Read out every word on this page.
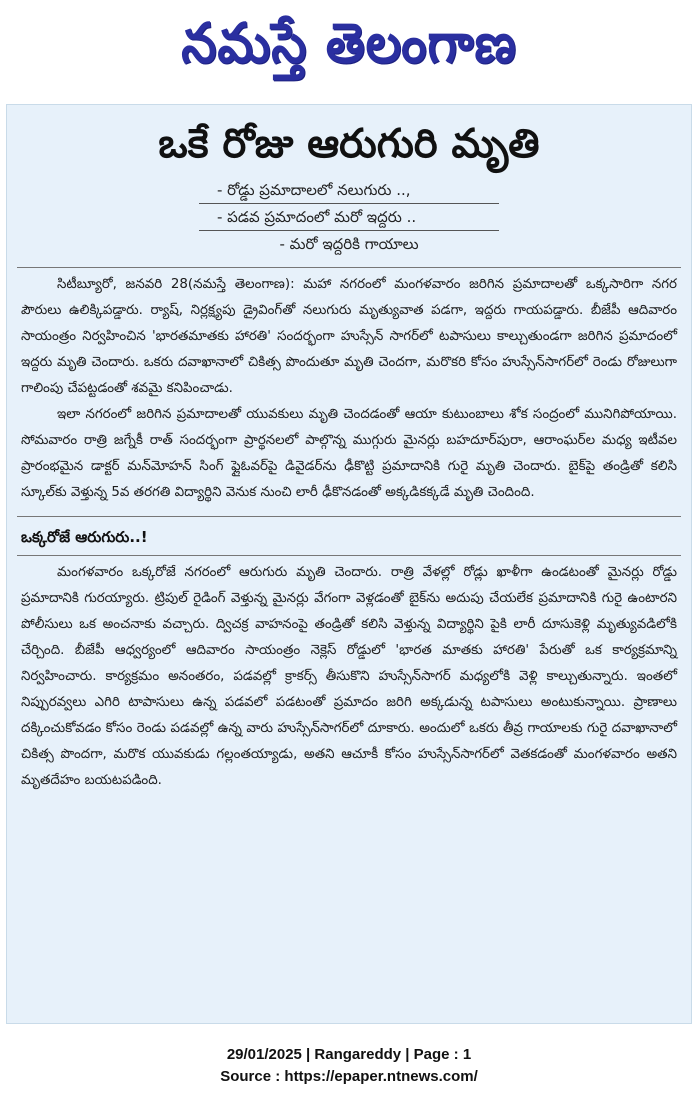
నమస్తే తెలంగాణ
ఒకే రోజు ఆరుగురి మృతి
- రోడ్డు ప్రమాదాలలో నలుగురు ..,
- పడవ ప్రమాదంలో మరో ఇద్దరు ..
- మరో ఇద్దరికి గాయాలు

సిటీబ్యూరో, జనవరి 28(నమస్తే తెలంగాణ): మహా నగరంలో మంగళవారం జరిగిన ప్రమాదాలతో ఒక్కసారిగా నగర పౌరులు ఉలిక్కిపడ్డారు. ర్యాష్, నిర్లక్ష్యపు డ్రైవింగ్‌తో నలుగురు మృత్యువాత పడగా, ఇద్దరు గాయపడ్డారు. బీజేపీ ఆదివారం సాయంత్రం నిర్వహించిన 'భారతమాతకు హారతి' సందర్భంగా హుస్సేన్ సాగర్‌లో టపాసులు కాల్చుతుండగా జరిగిన ప్రమాదంలో ఇద్దరు మృతి చెందారు. ఒకరు దవాఖానాలో చికిత్స పొందుతూ మృతి చెందగా, మరొకరి కోసం హుస్సేన్‌సాగర్‌లో రెండు రోజులుగా గాలింపు చేపట్టడంతో శవమై కనిపించాడు.

ఇలా నగరంలో జరిగిన ప్రమాదాలతో యువకులు మృతి చెందడంతో ఆయా కుటుంబాలు శోక సంద్రంలో మునిగిపోయాయి. సోమవారం రాత్రి జగ్నేకీ రాత్ సందర్భంగా ప్రార్థనలలో పాల్గొన్న ముగ్గురు మైనర్లు బహదూర్‌పురా, ఆరాంఘర్‌ల మధ్య ఇటీవల ప్రారంభమైన డాక్టర్ మన్‌మోహన్ సింగ్ ఫ్లైఓవర్‌పై డివైడర్‌ను ఢీకొట్టి ప్రమాదానికి గురై మృతి చెందారు. బైక్‌పై తండ్రితో కలిసి స్కూల్‌కు వెళ్తున్న 5వ తరగతి విద్యార్థిని వెనుక నుంచి లారీ ఢీకొనడంతో అక్కడికక్కడే మృతి చెందింది.

ఒక్కరోజే ఆరుగురు..!

మంగళవారం ఒక్కరోజే నగరంలో ఆరుగురు మృతి చెందారు. రాత్రి వేళల్లో రోడ్లు ఖాళీగా ఉండటంతో మైనర్లు రోడ్డు ప్రమాదానికి గురయ్యారు. ట్రిపుల్ రైడింగ్ వెళ్తున్న మైనర్లు వేగంగా వెళ్లడంతో బైక్‌ను అదుపు చేయలేక ప్రమాదానికి గురై ఉంటారని పోలీసులు ఒక అంచనాకు వచ్చారు. ద్విచక్ర వాహనంపై తండ్రితో కలిసి వెళ్తున్న విద్యార్థిని పైకి లారీ దూసుకెళ్లి మృత్యువడిలోకి చేర్చింది. బీజేపీ ఆధ్వర్యంలో ఆదివారం సాయంత్రం నెక్లెస్ రోడ్డులో 'భారత మాతకు హారతి' పేరుతో ఒక కార్యక్రమాన్ని నిర్వహించారు. కార్యక్రమం అనంతరం, పడవల్లో క్రాకర్స్ తీసుకొని హుస్సేన్‌సాగర్ మధ్యలోకి వెళ్లి కాల్చుతున్నారు. ఇంతలో నిప్పురవ్వలు ఎగిరి టాపాసులు ఉన్న పడవలో పడటంతో ప్రమాదం జరిగి అక్కడున్న టపాసులు అంటుకున్నాయి. ప్రాణాలు దక్కించుకోవడం కోసం రెండు పడవల్లో ఉన్న వారు హుస్సేన్‌సాగర్‌లో దూకారు. అందులో ఒకరు తీవ్ర గాయాలకు గురై దవాఖానాలో చికిత్స పొందగా, మరొక యువకుడు గల్లంతయ్యాడు, అతని ఆచూకీ కోసం హుస్సేన్‌సాగర్‌లో వెతకడంతో మంగళవారం అతని మృతదేహం బయటపడింది.

29/01/2025 | Rangareddy | Page : 1
Source : https://epaper.ntnews.com/
